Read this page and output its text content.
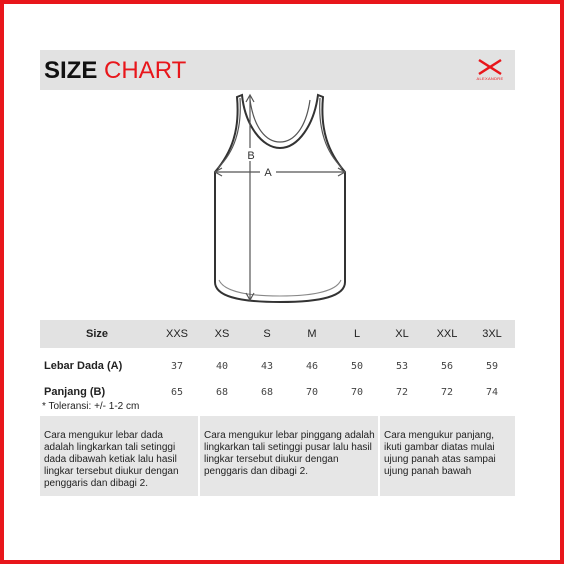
SIZE CHART	ALEXANDRE
A
B
Size	XXS	XS	S	M	L	XL	XXL	3XL
Lebar Dada (A)	37	40	43	46	50	53	56	59
Panjang (B)	65	68	68	70	70	72	72	74
* Toleransi: +/- 1-2 cm

Cara mengukur lebar dada adalah lingkarkan tali setinggi dada dibawah ketiak lalu hasil lingkar tersebut diukur dengan penggaris dan dibagi 2.

Cara mengukur lebar pinggang adalah lingkarkan tali setinggi pusar lalu hasil lingkar tersebut diukur dengan penggaris dan dibagi 2.

Cara mengukur panjang, ikuti gambar diatas mulai ujung panah atas sampai ujung panah bawah
